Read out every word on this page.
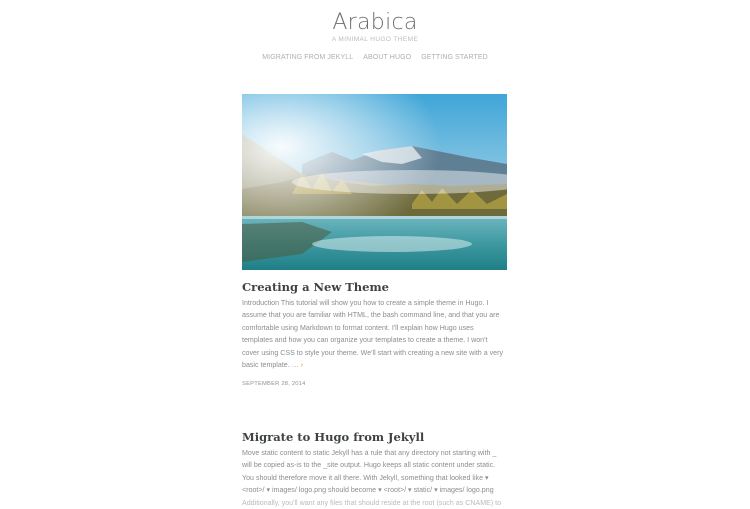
Arabica
A MINIMAL HUGO THEME
MIGRATING FROM JEKYLL ABOUT HUGO GETTING STARTED
Creating a New Theme
Introduction This tutorial will show you how to create a simple theme in Hugo. I
assume that you are familiar with HTML, the bash command line, and that you are
comfortable using Markdown to format content. I'll explain how Hugo uses
templates and how you can organize your templates to create a theme. I won't
cover using CSS to style your theme. We'll start with creating a new site with a very
basic template. … ›
SEPTEMBER 28, 2014
Migrate to Hugo from Jekyll
Move static content to static Jekyll has a rule that any directory not starting with _
will be copied as-is to the _site output. Hugo keeps all static content under static.
You should therefore move it all there. With Jekyll, something that looked like ▾
<root>/ ▾ images/ logo.png should become ▾ <root>/ ▾ static/ ▾ images/ logo.png
Additionally, you'll want any files that should reside at the root (such as CNAME) to
